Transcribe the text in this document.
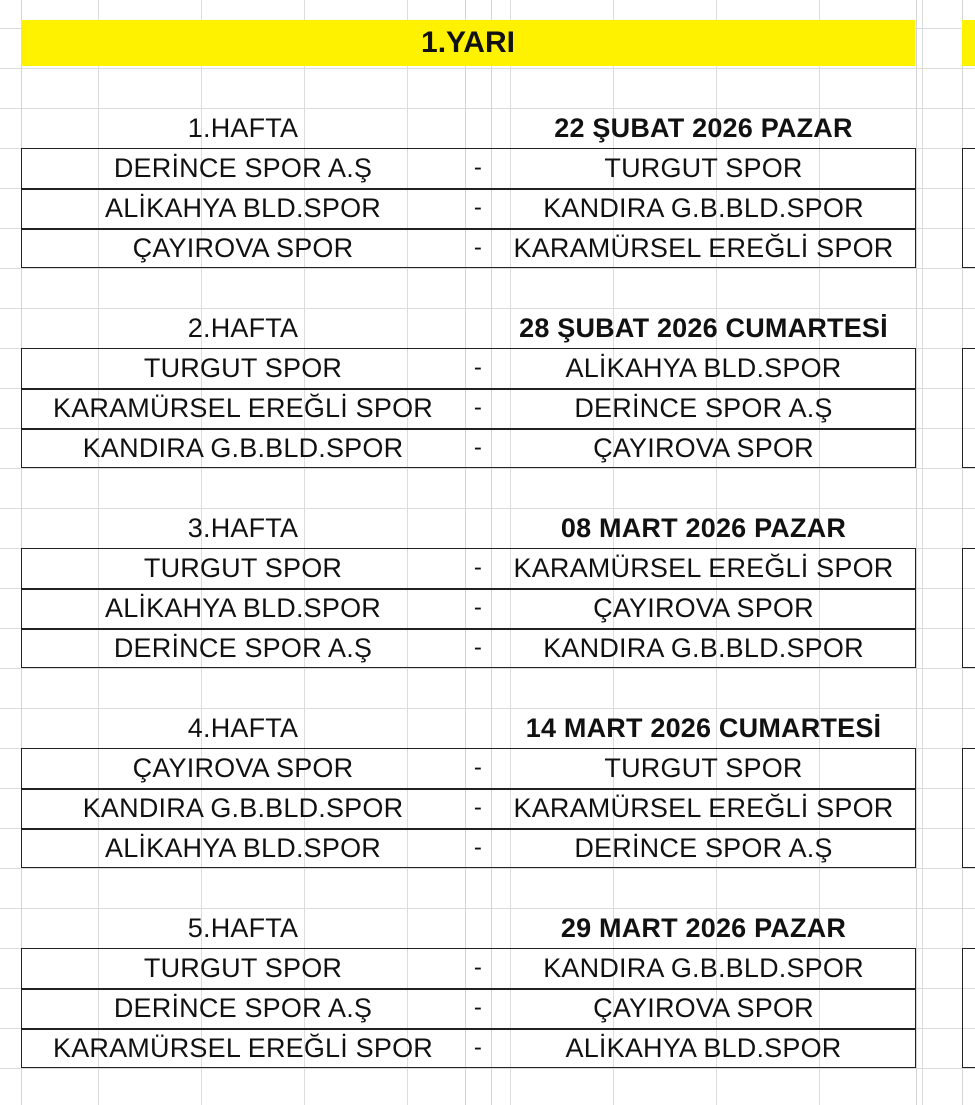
1.YARI
1.HAFTA	22 ŞUBAT 2026 PAZAR
DERİNCE SPOR A.Ş	-	TURGUT SPOR
ALİKAHYA BLD.SPOR	-	KANDIRA G.B.BLD.SPOR
ÇAYIROVA SPOR	-	KARAMÜRSEL EREĞLİ SPOR
2.HAFTA	28 ŞUBAT 2026 CUMARTESİ
TURGUT SPOR	-	ALİKAHYA BLD.SPOR
KARAMÜRSEL EREĞLİ SPOR	-	DERİNCE SPOR A.Ş
KANDIRA G.B.BLD.SPOR	-	ÇAYIROVA SPOR
3.HAFTA	08 MART 2026 PAZAR
TURGUT SPOR	-	KARAMÜRSEL EREĞLİ SPOR
ALİKAHYA BLD.SPOR	-	ÇAYIROVA SPOR
DERİNCE SPOR A.Ş	-	KANDIRA G.B.BLD.SPOR
4.HAFTA	14 MART 2026 CUMARTESİ
ÇAYIROVA SPOR	-	TURGUT SPOR
KANDIRA G.B.BLD.SPOR	-	KARAMÜRSEL EREĞLİ SPOR
ALİKAHYA BLD.SPOR	-	DERİNCE SPOR A.Ş
5.HAFTA	29 MART 2026 PAZAR
TURGUT SPOR	-	KANDIRA G.B.BLD.SPOR
DERİNCE SPOR A.Ş	-	ÇAYIROVA SPOR
KARAMÜRSEL EREĞLİ SPOR	-	ALİKAHYA BLD.SPOR
